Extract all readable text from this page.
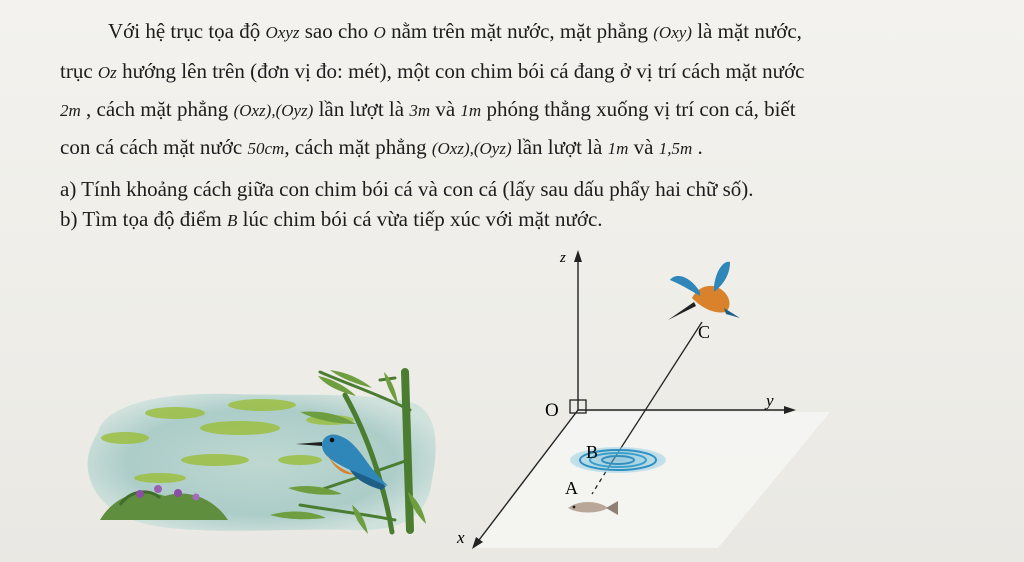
Với hệ trục tọa độ Oxyz sao cho O nằm trên mặt nước, mặt phẳng (Oxy) là mặt nước,
trục Oz hướng lên trên (đơn vị đo: mét), một con chim bói cá đang ở vị trí cách mặt nước
2m , cách mặt phẳng (Oxz),(Oyz) lần lượt là 3m và 1m phóng thẳng xuống vị trí con cá, biết
con cá cách mặt nước 50cm, cách mặt phẳng (Oxz),(Oyz) lần lượt là 1m và 1,5m .
a) Tính khoảng cách giữa con chim bói cá và con cá (lấy sau dấu phẩy hai chữ số).
b) Tìm tọa độ điểm B lúc chim bói cá vừa tiếp xúc với mặt nước.
z
y
x
O
C
B
A
